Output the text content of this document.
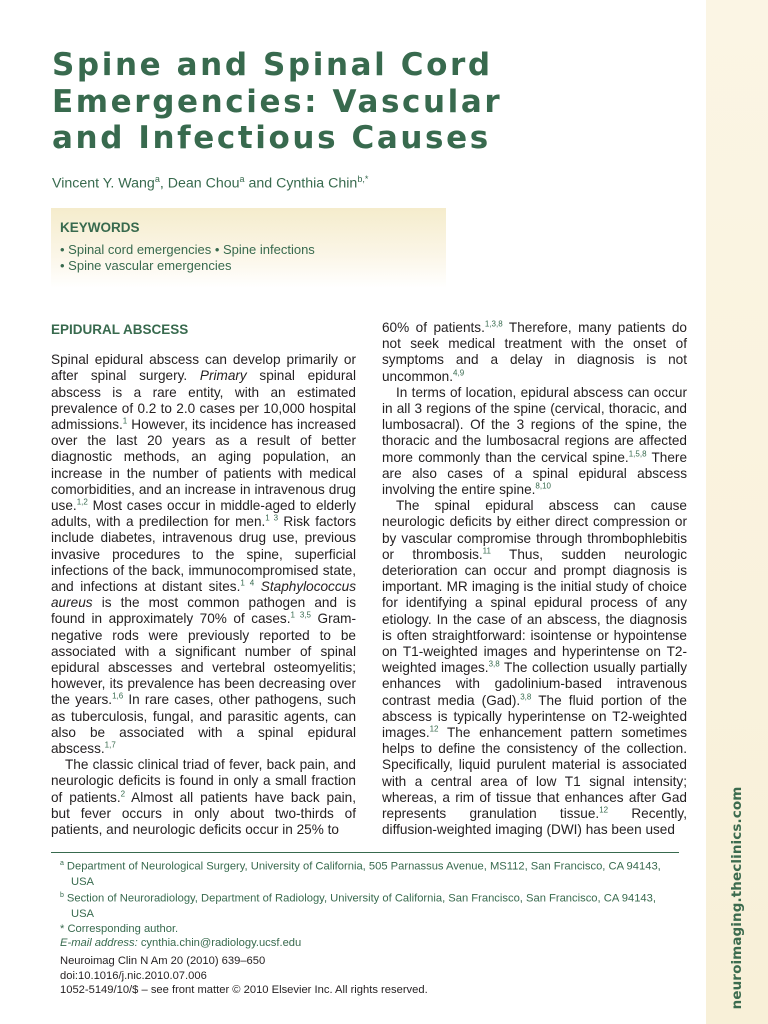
neuroimaging.theclinics.com
Spine and Spinal Cord
Emergencies: Vascular
and Infectious Causes
Vincent Y. Wang$^a$, Dean Chou$^a$ and Cynthia Chin$^{b,*}$
KEYWORDS
• Spinal cord emergencies • Spine infections
• Spine vascular emergencies

EPIDURAL ABSCESS

Spinal epidural abscess can develop primarily or after spinal surgery. Primary spinal epidural abscess is a rare entity, with an estimated prevalence of 0.2 to 2.0 cases per 10,000 hospital admissions.$^1$ However, its incidence has increased over the last 20 years as a result of better diagnostic methods, an aging population, an increase in the number of patients with medical comorbidities, and an increase in intravenous drug use.$^{1,2}$ Most cases occur in middle-aged to elderly adults, with a predilection for men.$^{1 3}$ Risk factors include diabetes, intravenous drug use, previous invasive procedures to the spine, superficial infections of the back, immunocompromised state, and infections at distant sites.$^{1 4}$ Staphylococcus aureus is the most common pathogen and is found in approximately 70% of cases.$^{1 3,5}$ Gram-negative rods were previously reported to be associated with a significant number of spinal epidural abscesses and vertebral osteomyelitis; however, its prevalence has been decreasing over the years.$^{1,6}$ In rare cases, other pathogens, such as tuberculosis, fungal, and parasitic agents, can also be associated with a spinal epidural abscess.$^{1,7}$

The classic clinical triad of fever, back pain, and neurologic deficits is found in only a small fraction of patients.$^2$ Almost all patients have back pain, but fever occurs in only about two-thirds of patients, and neurologic deficits occur in 25% to

60% of patients.$^{1,3,8}$ Therefore, many patients do not seek medical treatment with the onset of symptoms and a delay in diagnosis is not uncommon.$^{4,9}$

In terms of location, epidural abscess can occur in all 3 regions of the spine (cervical, thoracic, and lumbosacral). Of the 3 regions of the spine, the thoracic and the lumbosacral regions are affected more commonly than the cervical spine.$^{1,5,8}$ There are also cases of a spinal epidural abscess involving the entire spine.$^{8,10}$

The spinal epidural abscess can cause neurologic deficits by either direct compression or by vascular compromise through thrombophlebitis or thrombosis.$^{11}$ Thus, sudden neurologic deterioration can occur and prompt diagnosis is important. MR imaging is the initial study of choice for identifying a spinal epidural process of any etiology. In the case of an abscess, the diagnosis is often straightforward: isointense or hypointense on T1-weighted images and hyperintense on T2-weighted images.$^{3,8}$ The collection usually partially enhances with gadolinium-based intravenous contrast media (Gad).$^{3,8}$ The fluid portion of the abscess is typically hyperintense on T2-weighted images.$^{12}$ The enhancement pattern sometimes helps to define the consistency of the collection. Specifically, liquid purulent material is associated with a central area of low T1 signal intensity; whereas, a rim of tissue that enhances after Gad represents granulation tissue.$^{12}$ Recently, diffusion-weighted imaging (DWI) has been used

$^a$ Department of Neurological Surgery, University of California, 505 Parnassus Avenue, MS112, San Francisco, CA 94143, USA
$^b$ Section of Neuroradiology, Department of Radiology, University of California, San Francisco, San Francisco, CA 94143, USA
* Corresponding author.
E-mail address: cynthia.chin@radiology.ucsf.edu
Neuroimag Clin N Am 20 (2010) 639–650
doi:10.1016/j.nic.2010.07.006
1052-5149/10/$ – see front matter © 2010 Elsevier Inc. All rights reserved.
